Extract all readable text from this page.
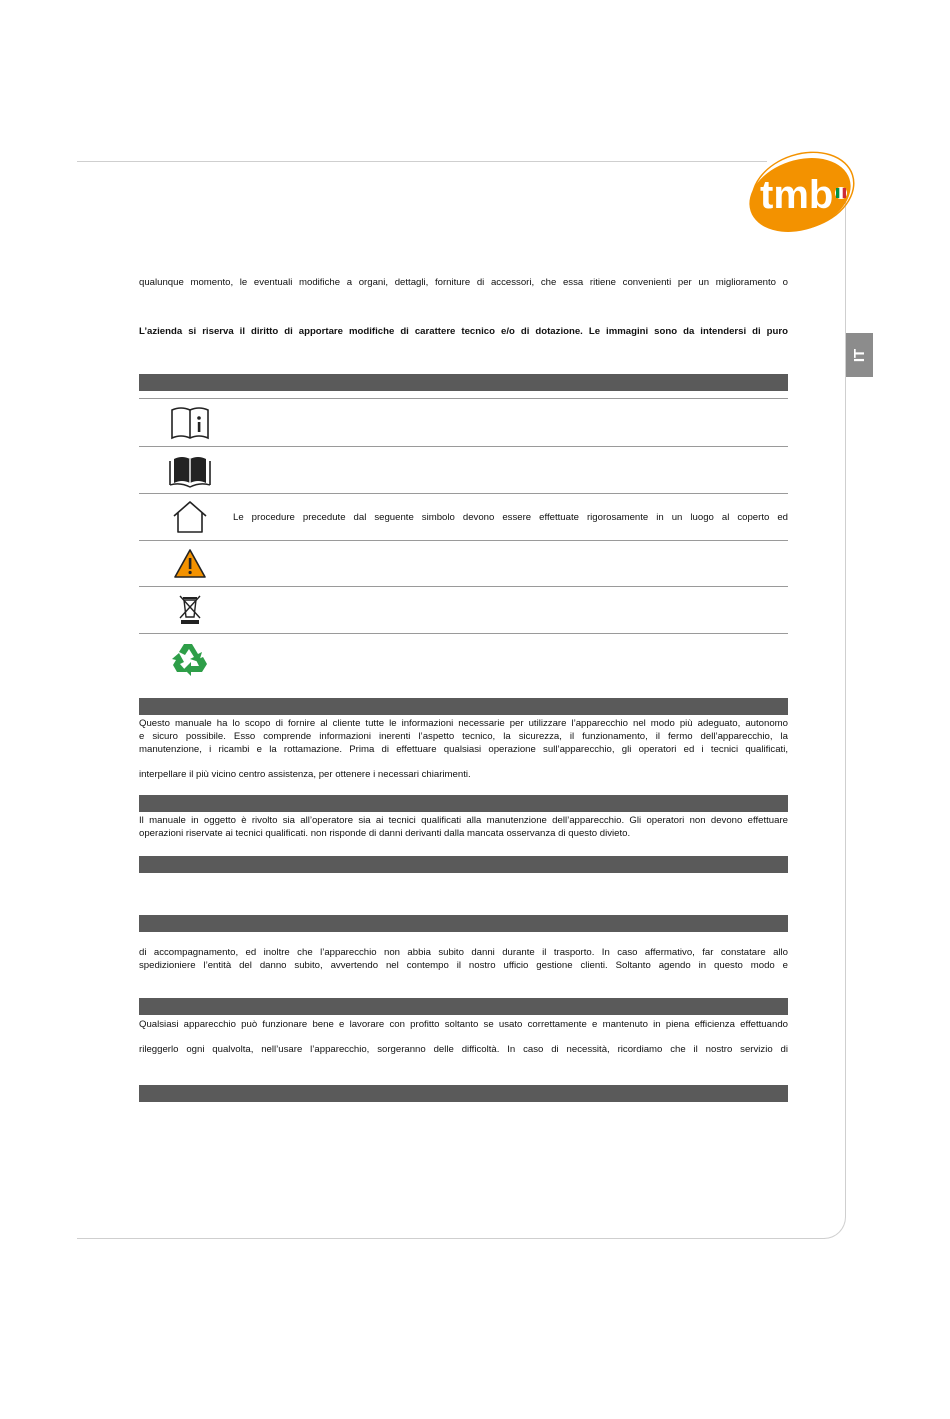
tmb
IT
qualunque momento, le eventuali modifiche a organi, dettagli, forniture di accessori, che essa ritiene convenienti per un miglioramento o
L’azienda si riserva il diritto di apportare modifiche di carattere tecnico e/o di dotazione. Le immagini sono da intendersi di puro
Le procedure precedute dal seguente simbolo devono essere effettuate rigorosamente in un luogo al coperto ed
Questo manuale ha lo scopo di fornire al cliente tutte le informazioni necessarie per utilizzare l’apparecchio nel modo più adeguato, autonomo
e sicuro possibile. Esso comprende informazioni inerenti l’aspetto tecnico, la sicurezza, il funzionamento, il fermo dell’apparecchio, la
manutenzione, i ricambi e la rottamazione. Prima di effettuare qualsiasi operazione sull’apparecchio, gli operatori ed i tecnici qualificati,
interpellare il più vicino centro assistenza, per ottenere i necessari chiarimenti.
Il manuale in oggetto è rivolto sia all’operatore sia ai tecnici qualificati alla manutenzione dell’apparecchio. Gli operatori non devono effettuare
operazioni riservate ai tecnici qualificati. non risponde di danni derivanti dalla mancata osservanza di questo divieto.
di accompagnamento, ed inoltre che l’apparecchio non abbia subito danni durante il trasporto. In caso affermativo, far constatare allo
spedizioniere l’entità del danno subito, avvertendo nel contempo il nostro ufficio gestione clienti. Soltanto agendo in questo modo e
Qualsiasi apparecchio può funzionare bene e lavorare con profitto soltanto se usato correttamente e mantenuto in piena efficienza effettuando
rileggerlo ogni qualvolta, nell’usare l’apparecchio, sorgeranno delle difficoltà. In caso di necessità, ricordiamo che il nostro servizio di
